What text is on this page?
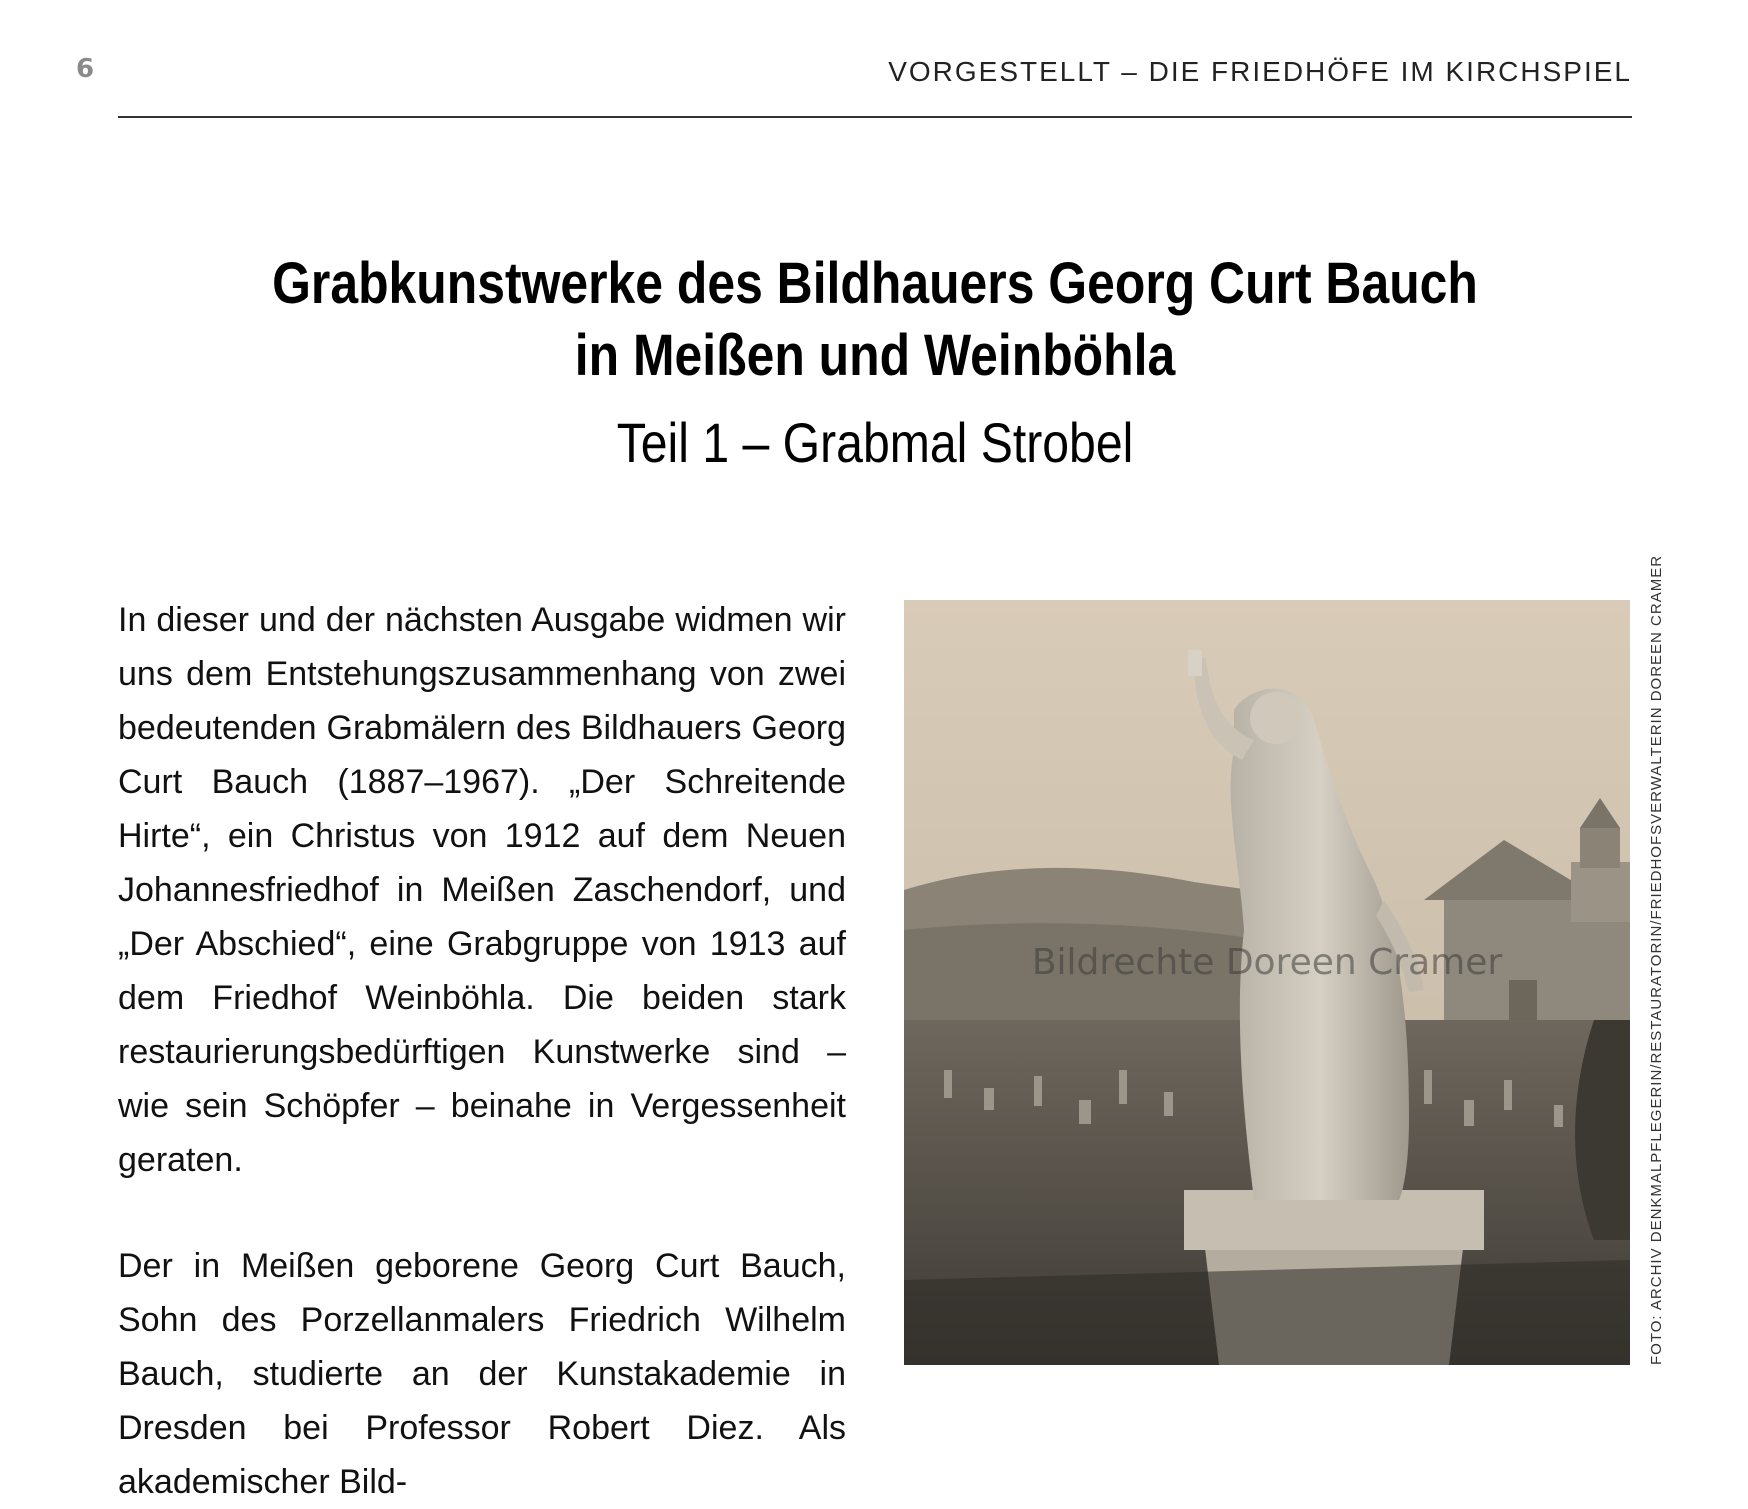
6	VORGESTELLT – DIE FRIEDHÖFE IM KIRCHSPIEL
Grabkunstwerke des Bildhauers Georg Curt Bauch
in Meißen und Weinböhla
Teil 1 – Grabmal Strobel

In dieser und der nächsten Ausgabe widmen wir uns dem Entstehungszusammenhang von zwei bedeutenden Grabmälern des Bildhauers Georg Curt Bauch (1887–1967). „Der Schreitende Hirte“, ein Christus von 1912 auf dem Neuen Johannesfriedhof in Meißen Zaschendorf, und „Der Abschied“, eine Grabgruppe von 1913 auf dem Friedhof Weinböhla. Die beiden stark restaurierungsbedürftigen Kunstwerke sind – wie sein Schöpfer – beinahe in Vergessenheit geraten.

Der in Meißen geborene Georg Curt Bauch, Sohn des Porzellanmalers Friedrich Wilhelm Bauch, studierte an der Kunstakademie in Dresden bei Professor Robert Diez. Als akademischer Bild-

Bildrechte Doreen Cramer	FOTO: ARCHIV DENKMALPFLEGERIN/RESTAURATORIN/FRIEDHOFSVERWALTERIN DOREEN CRAMER
